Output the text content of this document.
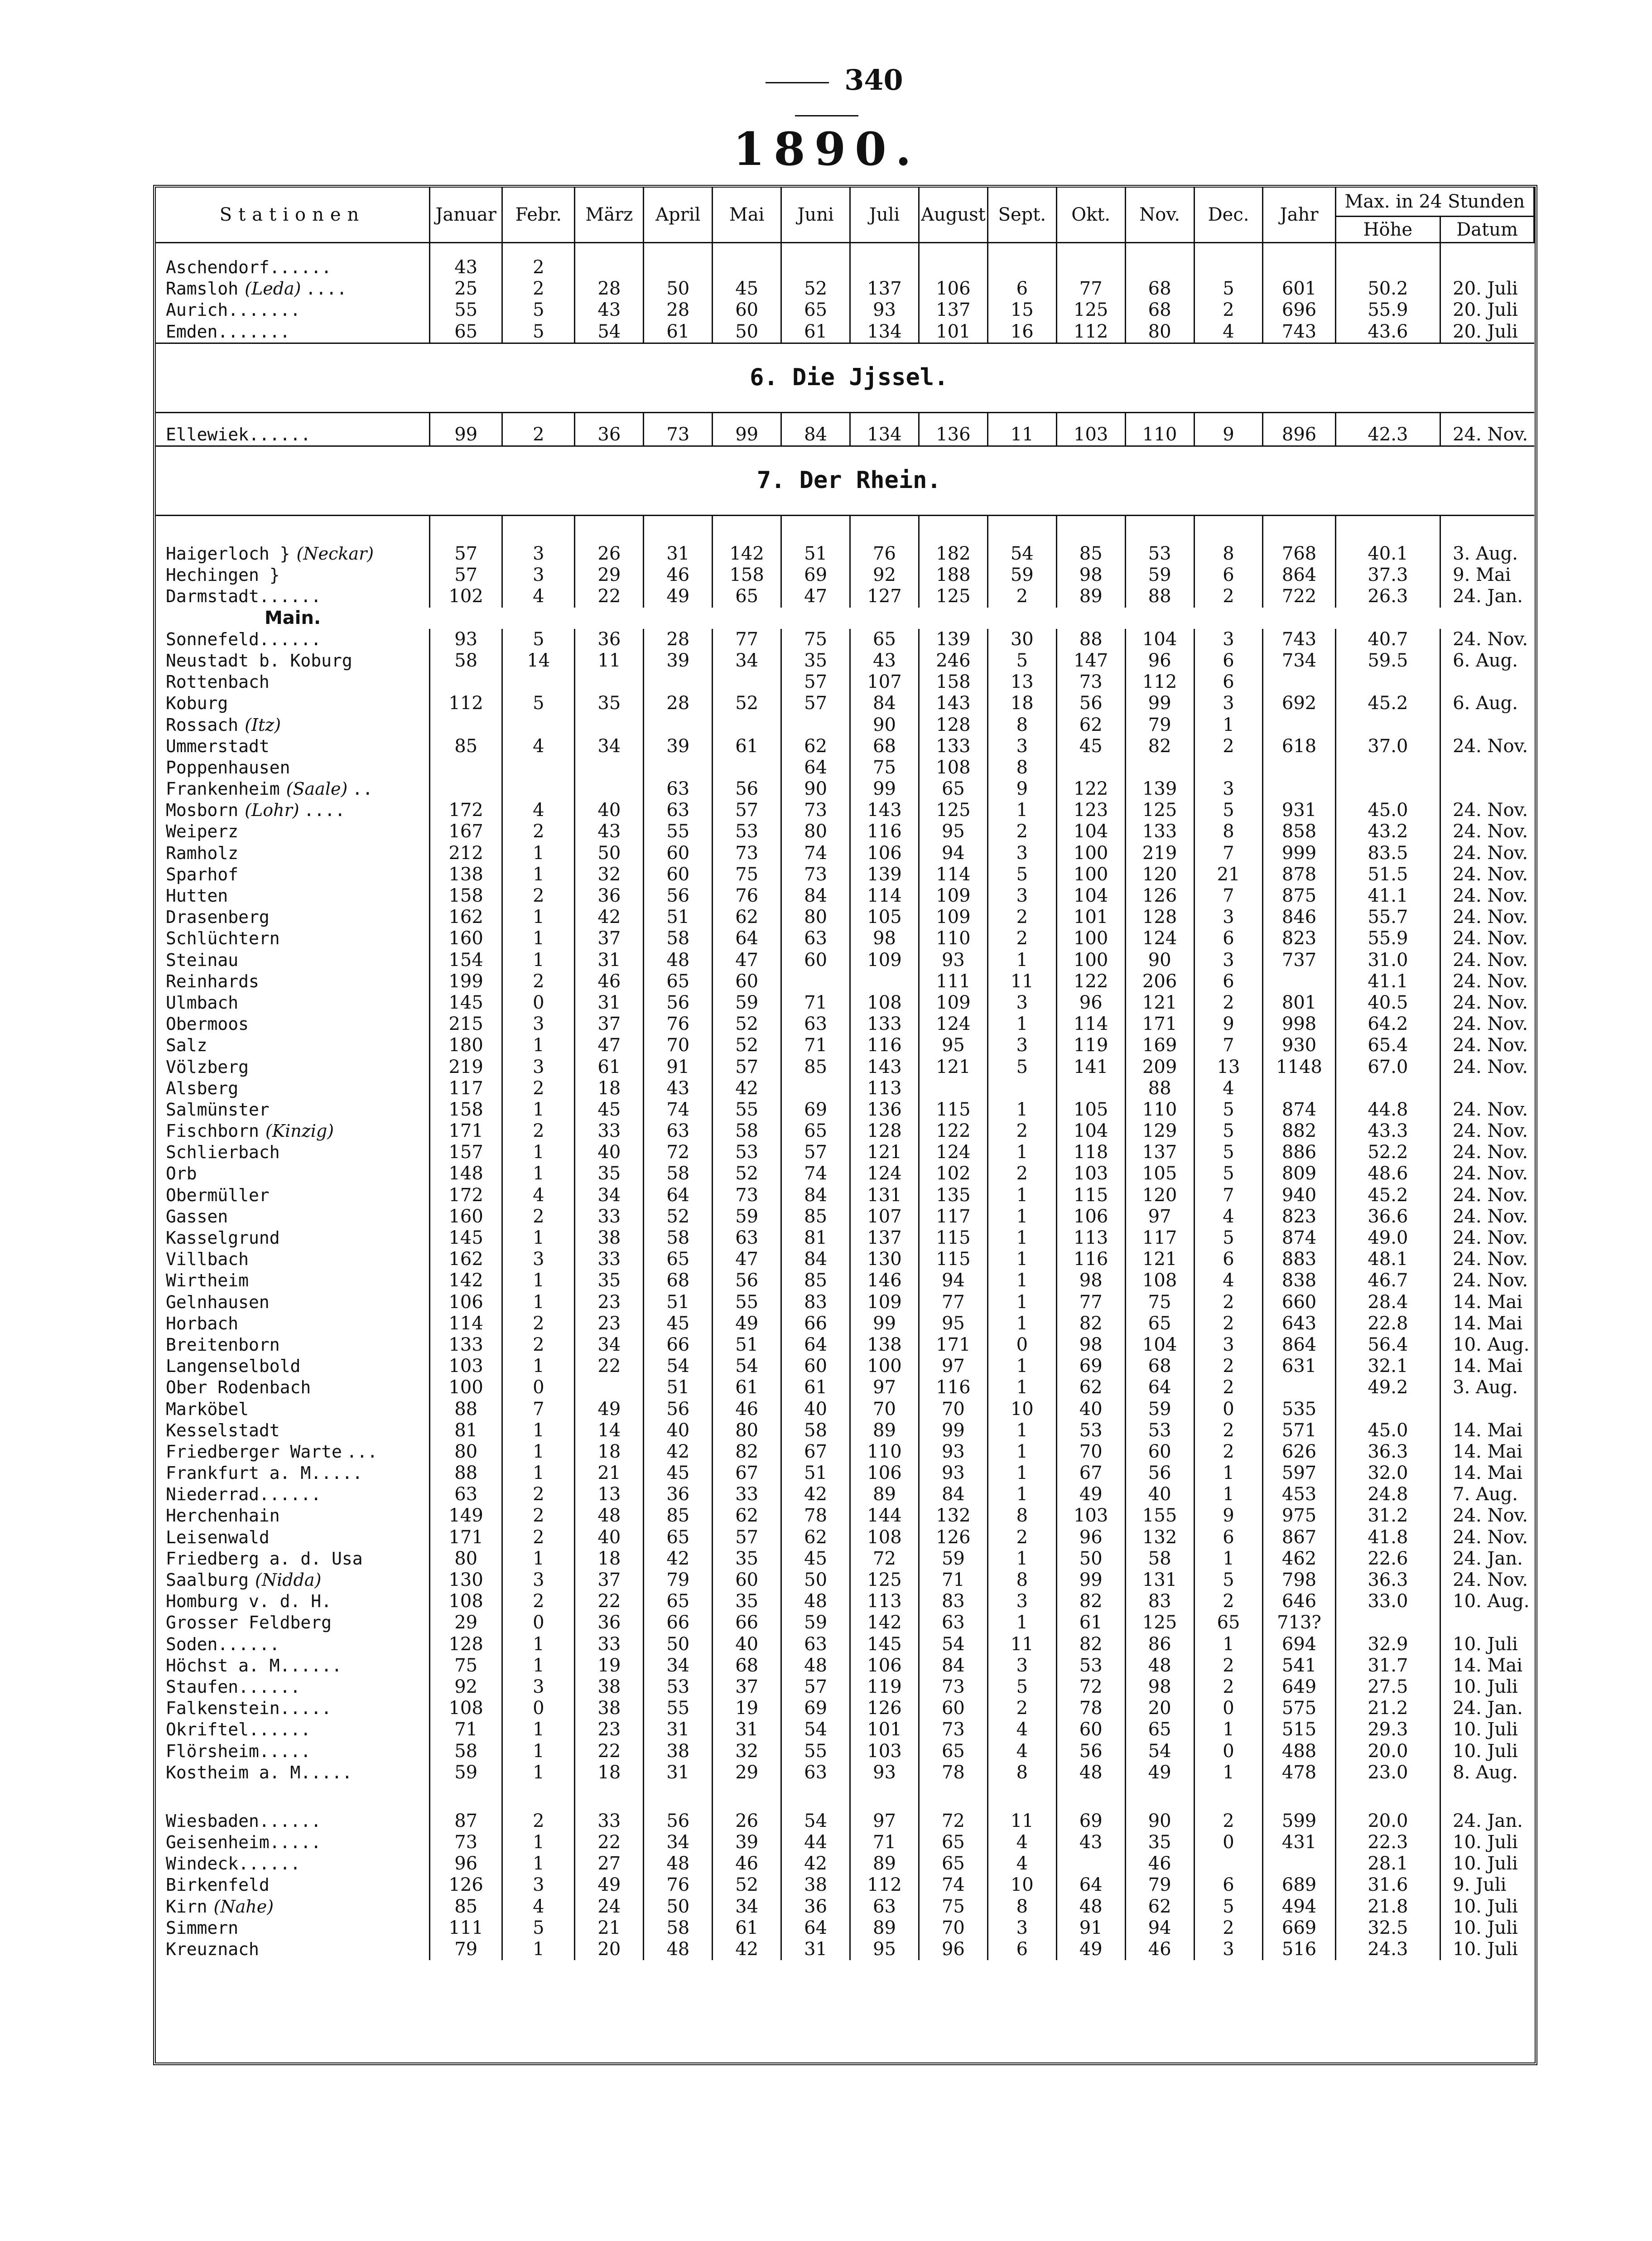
340
1890.
Stationen	Januar	Febr.	März	April	Mai	Juni	Juli	August	Sept.	Okt.	Nov.	Dec.	Jahr	Max. in 24 Stunden	
														Höhe	Datum

Aschendorf......	43	2													
Ramsloh (Leda) ....	25	2	28	50	45	52	137	106	6	77	68	5	601	50.2	20. Juli
Aurich.......	55	5	43	28	60	65	93	137	15	125	68	2	696	55.9	20. Juli
Emden.......	65	5	54	61	50	61	134	101	16	112	80	4	743	43.6	20. Juli
6. Die Jjssel.															

Ellewiek......	99	2	36	73	99	84	134	136	11	103	110	9	896	42.3	24. Nov.
7. Der Rhein.															

Haigerloch } (Neckar)	57	3	26	31	142	51	76	182	54	85	53	8	768	40.1	3. Aug.
Hechingen }	57	3	29	46	158	69	92	188	59	98	59	6	864	37.3	9. Mai
Darmstadt......	102	4	22	49	65	47	127	125	2	89	88	2	722	26.3	24. Jan.
Main.															
Sonnefeld......	93	5	36	28	77	75	65	139	30	88	104	3	743	40.7	24. Nov.
Neustadt b. Koburg	58	14	11	39	34	35	43	246	5	147	96	6	734	59.5	6. Aug.
Rottenbach						57	107	158	13	73	112	6			
Koburg	112	5	35	28	52	57	84	143	18	56	99	3	692	45.2	6. Aug.
Rossach (Itz)							90	128	8	62	79	1			
Ummerstadt	85	4	34	39	61	62	68	133	3	45	82	2	618	37.0	24. Nov.
Poppenhausen						64	75	108	8						
Frankenheim (Saale) ..				63	56	90	99	65	9	122	139	3			
Mosborn (Lohr) ....	172	4	40	63	57	73	143	125	1	123	125	5	931	45.0	24. Nov.
Weiperz	167	2	43	55	53	80	116	95	2	104	133	8	858	43.2	24. Nov.
Ramholz	212	1	50	60	73	74	106	94	3	100	219	7	999	83.5	24. Nov.
Sparhof	138	1	32	60	75	73	139	114	5	100	120	21	878	51.5	24. Nov.
Hutten	158	2	36	56	76	84	114	109	3	104	126	7	875	41.1	24. Nov.
Drasenberg	162	1	42	51	62	80	105	109	2	101	128	3	846	55.7	24. Nov.
Schlüchtern	160	1	37	58	64	63	98	110	2	100	124	6	823	55.9	24. Nov.
Steinau	154	1	31	48	47	60	109	93	1	100	90	3	737	31.0	24. Nov.
Reinhards	199	2	46	65	60			111	11	122	206	6		41.1	24. Nov.
Ulmbach	145	0	31	56	59	71	108	109	3	96	121	2	801	40.5	24. Nov.
Obermoos	215	3	37	76	52	63	133	124	1	114	171	9	998	64.2	24. Nov.
Salz	180	1	47	70	52	71	116	95	3	119	169	7	930	65.4	24. Nov.
Völzberg	219	3	61	91	57	85	143	121	5	141	209	13	1148	67.0	24. Nov.
Alsberg	117	2	18	43	42		113				88	4			
Salmünster	158	1	45	74	55	69	136	115	1	105	110	5	874	44.8	24. Nov.
Fischborn (Kinzig)	171	2	33	63	58	65	128	122	2	104	129	5	882	43.3	24. Nov.
Schlierbach	157	1	40	72	53	57	121	124	1	118	137	5	886	52.2	24. Nov.
Orb	148	1	35	58	52	74	124	102	2	103	105	5	809	48.6	24. Nov.
Obermüller	172	4	34	64	73	84	131	135	1	115	120	7	940	45.2	24. Nov.
Gassen	160	2	33	52	59	85	107	117	1	106	97	4	823	36.6	24. Nov.
Kasselgrund	145	1	38	58	63	81	137	115	1	113	117	5	874	49.0	24. Nov.
Villbach	162	3	33	65	47	84	130	115	1	116	121	6	883	48.1	24. Nov.
Wirtheim	142	1	35	68	56	85	146	94	1	98	108	4	838	46.7	24. Nov.
Gelnhausen	106	1	23	51	55	83	109	77	1	77	75	2	660	28.4	14. Mai
Horbach	114	2	23	45	49	66	99	95	1	82	65	2	643	22.8	14. Mai
Breitenborn	133	2	34	66	51	64	138	171	0	98	104	3	864	56.4	10. Aug.
Langenselbold	103	1	22	54	54	60	100	97	1	69	68	2	631	32.1	14. Mai
Ober Rodenbach	100	0		51	61	61	97	116	1	62	64	2		49.2	3. Aug.
Marköbel	88	7	49	56	46	40	70	70	10	40	59	0	535		
Kesselstadt	81	1	14	40	80	58	89	99	1	53	53	2	571	45.0	14. Mai
Friedberger Warte ...	80	1	18	42	82	67	110	93	1	70	60	2	626	36.3	14. Mai
Frankfurt a. M.....	88	1	21	45	67	51	106	93	1	67	56	1	597	32.0	14. Mai
Niederrad......	63	2	13	36	33	42	89	84	1	49	40	1	453	24.8	7. Aug.
Herchenhain	149	2	48	85	62	78	144	132	8	103	155	9	975	31.2	24. Nov.
Leisenwald	171	2	40	65	57	62	108	126	2	96	132	6	867	41.8	24. Nov.
Friedberg a. d. Usa	80	1	18	42	35	45	72	59	1	50	58	1	462	22.6	24. Jan.
Saalburg (Nidda)	130	3	37	79	60	50	125	71	8	99	131	5	798	36.3	24. Nov.
Homburg v. d. H.	108	2	22	65	35	48	113	83	3	82	83	2	646	33.0	10. Aug.
Grosser Feldberg	29	0	36	66	66	59	142	63	1	61	125	65	713?		
Soden......	128	1	33	50	40	63	145	54	11	82	86	1	694	32.9	10. Juli
Höchst a. M......	75	1	19	34	68	48	106	84	3	53	48	2	541	31.7	14. Mai
Staufen......	92	3	38	53	37	57	119	73	5	72	98	2	649	27.5	10. Juli
Falkenstein.....	108	0	38	55	19	69	126	60	2	78	20	0	575	21.2	24. Jan.
Okriftel......	71	1	23	31	31	54	101	73	4	60	65	1	515	29.3	10. Juli
Flörsheim.....	58	1	22	38	32	55	103	65	4	56	54	0	488	20.0	10. Juli
Kostheim a. M.....	59	1	18	31	29	63	93	78	8	48	49	1	478	23.0	8. Aug.

Wiesbaden......	87	2	33	56	26	54	97	72	11	69	90	2	599	20.0	24. Jan.
Geisenheim.....	73	1	22	34	39	44	71	65	4	43	35	0	431	22.3	10. Juli
Windeck......	96	1	27	48	46	42	89	65	4		46			28.1	10. Juli
Birkenfeld	126	3	49	76	52	38	112	74	10	64	79	6	689	31.6	9. Juli
Kirn (Nahe)	85	4	24	50	34	36	63	75	8	48	62	5	494	21.8	10. Juli
Simmern	111	5	21	58	61	64	89	70	3	91	94	2	669	32.5	10. Juli
Kreuznach	79	1	20	48	42	31	95	96	6	49	46	3	516	24.3	10. Juli
